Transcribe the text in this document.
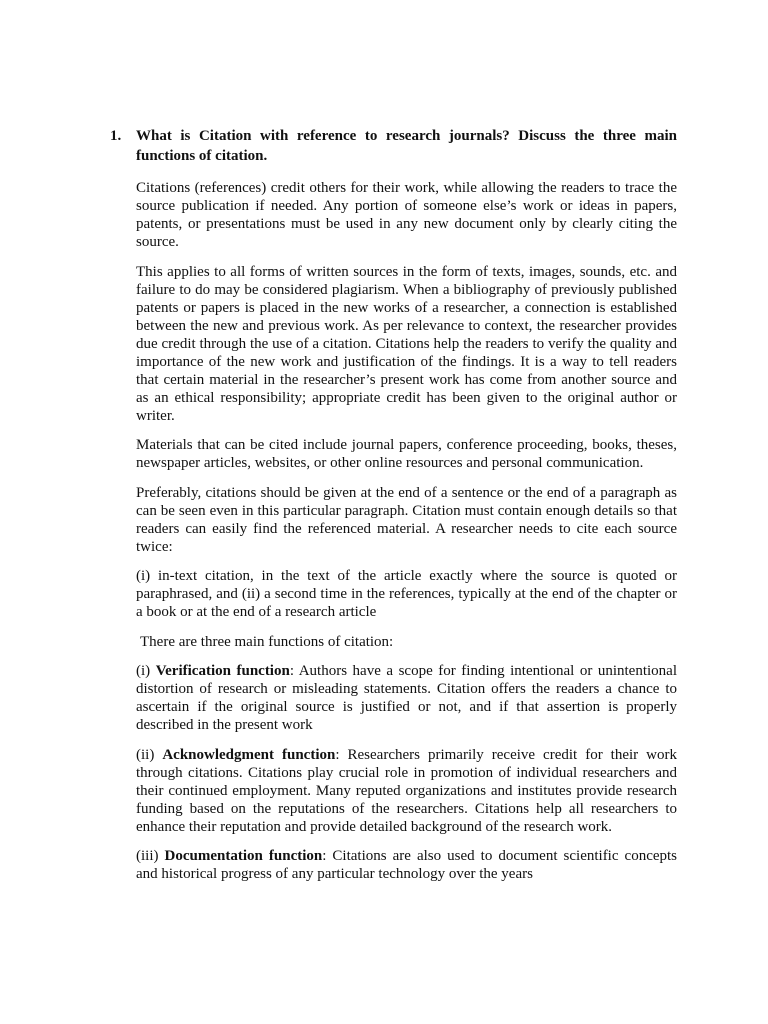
1. What is Citation with reference to research journals? Discuss the three main functions of citation.

Citations (references) credit others for their work, while allowing the readers to trace the source publication if needed. Any portion of someone else’s work or ideas in papers, patents, or presentations must be used in any new document only by clearly citing the source.

This applies to all forms of written sources in the form of texts, images, sounds, etc. and failure to do may be considered plagiarism. When a bibliography of previously published patents or papers is placed in the new works of a researcher, a connection is established between the new and previous work. As per relevance to context, the researcher provides due credit through the use of a citation. Citations help the readers to verify the quality and importance of the new work and justification of the findings. It is a way to tell readers that certain material in the researcher’s present work has come from another source and as an ethical responsibility; appropriate credit has been given to the original author or writer.

Materials that can be cited include journal papers, conference proceeding, books, theses, newspaper articles, websites, or other online resources and personal communication.

Preferably, citations should be given at the end of a sentence or the end of a paragraph as can be seen even in this particular paragraph. Citation must contain enough details so that readers can easily find the referenced material. A researcher needs to cite each source twice:

(i) in-text citation, in the text of the article exactly where the source is quoted or paraphrased, and (ii) a second time in the references, typically at the end of the chapter or a book or at the end of a research article

There are three main functions of citation:

(i) Verification function: Authors have a scope for finding intentional or unintentional distortion of research or misleading statements. Citation offers the readers a chance to ascertain if the original source is justified or not, and if that assertion is properly described in the present work

(ii) Acknowledgment function: Researchers primarily receive credit for their work through citations. Citations play crucial role in promotion of individual researchers and their continued employment. Many reputed organizations and institutes provide research funding based on the reputations of the researchers. Citations help all researchers to enhance their reputation and provide detailed background of the research work.

(iii) Documentation function: Citations are also used to document scientific concepts and historical progress of any particular technology over the years
